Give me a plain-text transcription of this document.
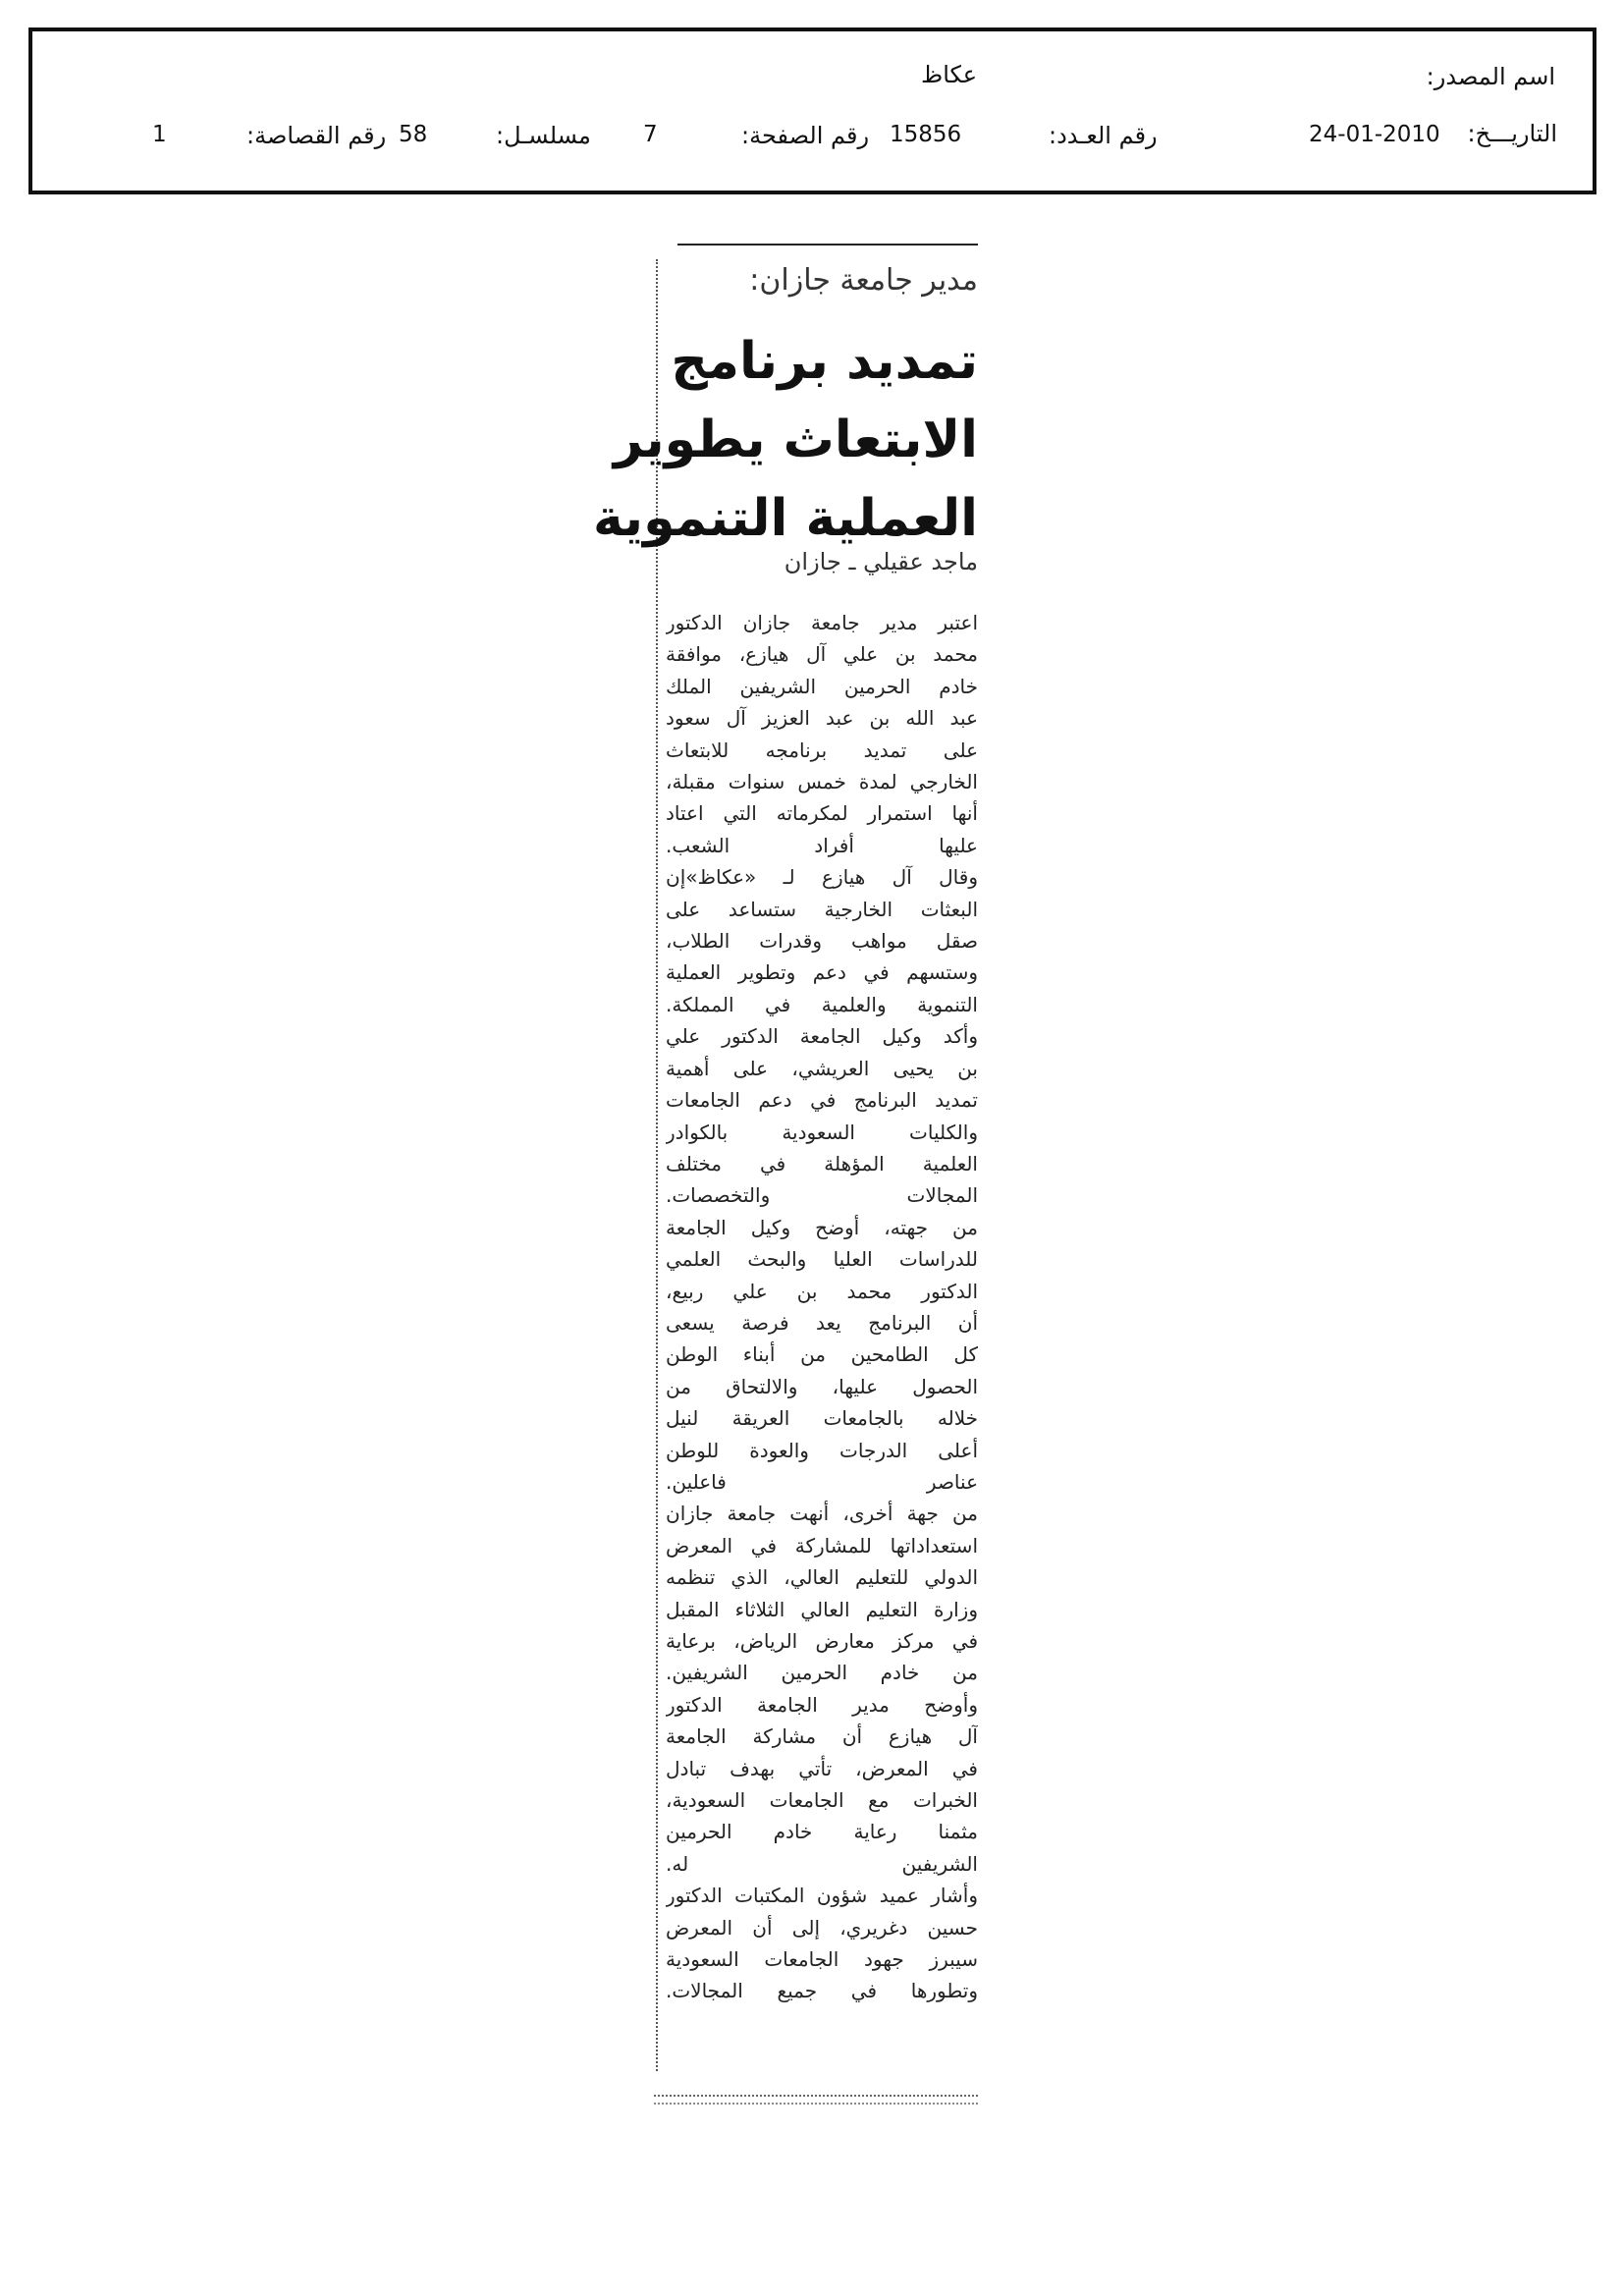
اسم المصدر:
عكاظ
التاريـــخ:
24-01-2010
رقم العـدد:
15856
رقم الصفحة:
7
مسلسـل:
58
رقم القصاصة:
1
مدير جامعة جازان:
تمديد برنامج
الابتعاث يطوير
العملية التنموية
ماجد عقيلي ـ جازان
اعتبر مدير جامعة جازان الدكتور
محمد بن علي آل هيازع، موافقة
خادم الحرمين الشريفين الملك
عبد الله بن عبد العزيز آل سعود
على تمديد برنامجه للابتعاث
الخارجي لمدة خمس سنوات مقبلة،
أنها استمرار لمكرماته التي اعتاد
عليها أفراد الشعب.
وقال آل هيازع لـ «عكاظ»إن
البعثات الخارجية ستساعد على
صقل مواهب وقدرات الطلاب،
وستسهم في دعم وتطوير العملية
التنموية والعلمية في المملكة.
وأكد وكيل الجامعة الدكتور علي
بن يحيى العريشي، على أهمية
تمديد البرنامج في دعم الجامعات
والكليات السعودية بالكوادر
العلمية المؤهلة في مختلف
المجالات والتخصصات.
من جهته، أوضح وكيل الجامعة
للدراسات العليا والبحث العلمي
الدكتور محمد بن علي ربيع،
أن البرنامج يعد فرصة يسعى
كل الطامحين من أبناء الوطن
الحصول عليها، والالتحاق من
خلاله بالجامعات العريقة لنيل
أعلى الدرجات والعودة للوطن
عناصر فاعلين.
من جهة أخرى، أنهت جامعة جازان
استعداداتها للمشاركة في المعرض
الدولي للتعليم العالي، الذي تنظمه
وزارة التعليم العالي الثلاثاء المقبل
في مركز معارض الرياض، برعاية
من خادم الحرمين الشريفين.
وأوضح مدير الجامعة الدكتور
آل هيازع أن مشاركة الجامعة
في المعرض، تأتي بهدف تبادل
الخبرات مع الجامعات السعودية،
مثمنا رعاية خادم الحرمين
الشريفين له.
وأشار عميد شؤون المكتبات الدكتور
حسين دغريري، إلى أن المعرض
سيبرز جهود الجامعات السعودية
وتطورها في جميع المجالات.
